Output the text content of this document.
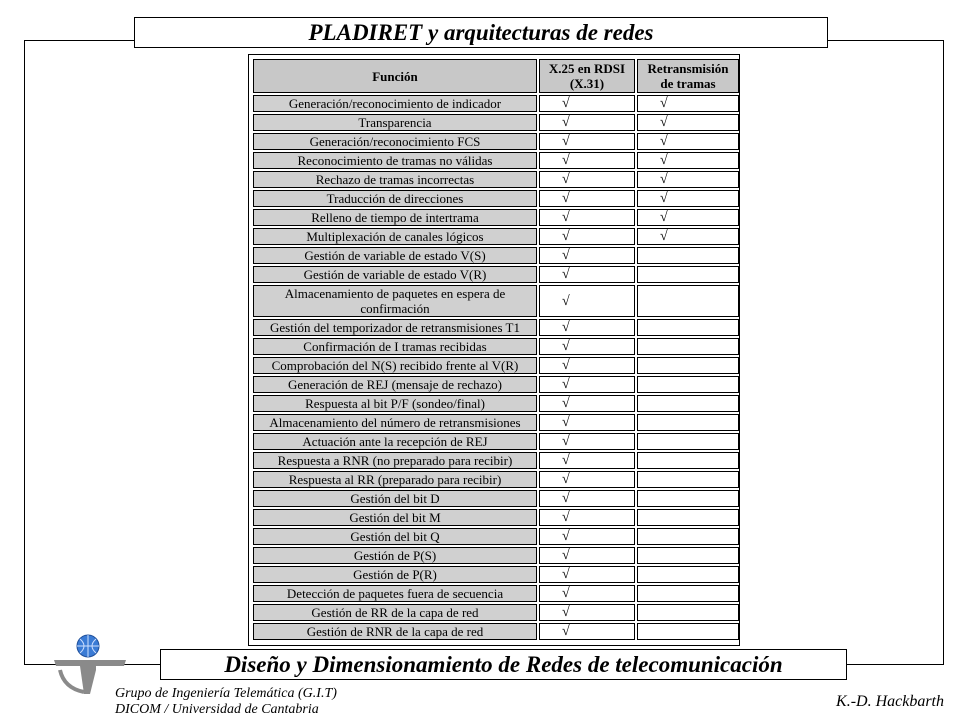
PLADIRET y arquitecturas de redes
Función	X.25 en RDSI (X.31)	Retransmisión de tramas
Generación/reconocimiento de indicador	√	√
Transparencia	√	√
Generación/reconocimiento FCS	√	√
Reconocimiento de tramas no válidas	√	√
Rechazo de tramas incorrectas	√	√
Traducción de direcciones	√	√
Relleno de tiempo de intertrama	√	√
Multiplexación de canales lógicos	√	√
Gestión de variable de estado V(S)	√	
Gestión de variable de estado V(R)	√	
Almacenamiento de paquetes en espera de confirmación	√	
Gestión del temporizador de retransmisiones T1	√	
Confirmación de I tramas recibidas	√	
Comprobación del N(S) recibido frente al V(R)	√	
Generación de REJ (mensaje de rechazo)	√	
Respuesta al bit P/F (sondeo/final)	√	
Almacenamiento del número de retransmisiones	√	
Actuación ante la recepción de REJ	√	
Respuesta a RNR (no preparado para recibir)	√	
Respuesta al RR (preparado para recibir)	√	
Gestión del bit D	√	
Gestión del bit M	√	
Gestión del bit Q	√	
Gestión de P(S)	√	
Gestión de P(R)	√	
Detección de paquetes fuera de secuencia	√	
Gestión de RR de la capa de red	√	
Gestión de RNR de la capa de red	√	
Diseño y Dimensionamiento de Redes de telecomunicación
Grupo de Ingeniería Telemática (G.I.T)
DICOM / Universidad de Cantabria	K.-D. Hackbarth
